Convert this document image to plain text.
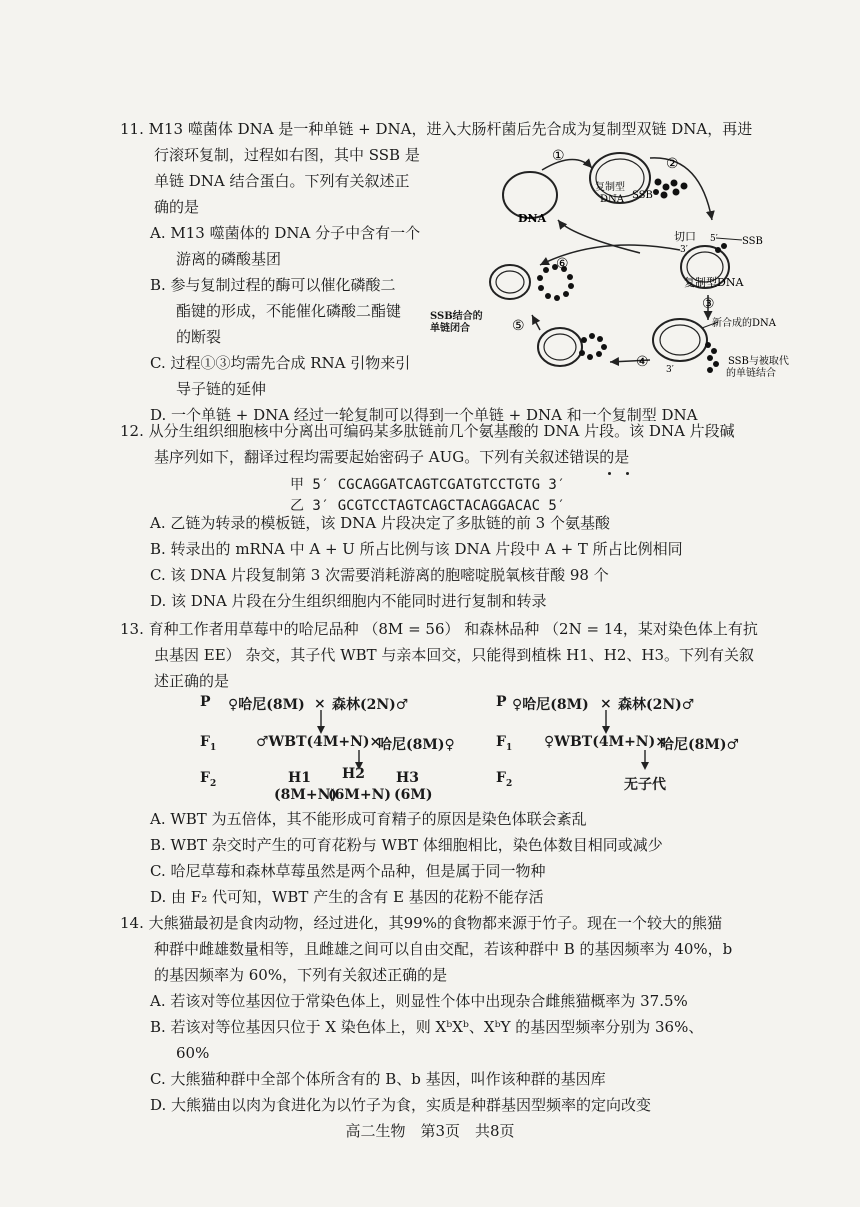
11. M13 噬菌体 DNA 是一种单链 + DNA，进入大肠杆菌后先合成为复制型双链 DNA，再进
行滚环复制，过程如右图，其中 SSB 是
单链 DNA 结合蛋白。下列有关叙述正
确的是
A. M13 噬菌体的 DNA 分子中含有一个
游离的磷酸基团
B. 参与复制过程的酶可以催化磷酸二
酯键的形成，不能催化磷酸二酯键
的断裂
C. 过程①③均需先合成 RNA 引物来引
导子链的延伸
D. 一个单链 + DNA 经过一轮复制可以得到一个单链 + DNA 和一个复制型 DNA
DNA
①
复制型
DNA SSB
②
切口
3′
5′ SSB
复制型DNA
③
新合成的DNA
SSB与被取代
的单链结合
3′
④
⑤
⑥
SSB结合的
单链闭合
12. 从分生组织细胞核中分离出可编码某多肽链前几个氨基酸的 DNA 片段。该 DNA 片段碱
基序列如下，翻译过程均需要起始密码子 AUG。下列有关叙述错误的是
甲 5′ CGCAGGATCAGTCGATGTCCTGTG 3′
乙 3′ GCGTCCTAGTCAGCTACAGGACAC 5′
A. 乙链为转录的模板链，该 DNA 片段决定了多肽链的前 3 个氨基酸
B. 转录出的 mRNA 中 A + U 所占比例与该 DNA 片段中 A + T 所占比例相同
C. 该 DNA 片段复制第 3 次需要消耗游离的胞嘧啶脱氧核苷酸 98 个
D. 该 DNA 片段在分生组织细胞内不能同时进行复制和转录
13. 育种工作者用草莓中的哈尼品种 （8M = 56） 和森林品种 （2N = 14，某对染色体上有抗
虫基因 EE） 杂交，其子代 WBT 与亲本回交，只能得到植株 H1、H2、H3。下列有关叙
述正确的是
P ♀哈尼(8M) × 森林(2N)♂
$F_1$	♂WBT(4M+N)×
哈尼(8M)♀
$F_2$	H1 H2 H3
(8M+N)
(6M+N) (6M)
P ♀哈尼(8M) × 森林(2N)♂
$F_1$ ♀WBT(4M+N)×
哈尼(8M)♂
$F_2$	无子代
A. WBT 为五倍体，其不能形成可育精子的原因是染色体联会紊乱
B. WBT 杂交时产生的可育花粉与 WBT 体细胞相比，染色体数目相同或减少
C. 哈尼草莓和森林草莓虽然是两个品种，但是属于同一物种
D. 由 F₂ 代可知，WBT 产生的含有 E 基因的花粉不能存活
14. 大熊猫最初是食肉动物，经过进化，其99%的食物都来源于竹子。现在一个较大的熊猫
种群中雌雄数量相等，且雌雄之间可以自由交配，若该种群中 B 的基因频率为 40%，b
的基因频率为 60%，下列有关叙述正确的是
A. 若该对等位基因位于常染色体上，则显性个体中出现杂合雌熊猫概率为 37.5%
B. 若该对等位基因只位于 X 染色体上，则 XᵇXᵇ、XᵇY 的基因型频率分别为 36%、
60%
C. 大熊猫种群中全部个体所含有的 B、b 基因，叫作该种群的基因库
D. 大熊猫由以肉为食进化为以竹子为食，实质是种群基因型频率的定向改变
高二生物　第3页　共8页
